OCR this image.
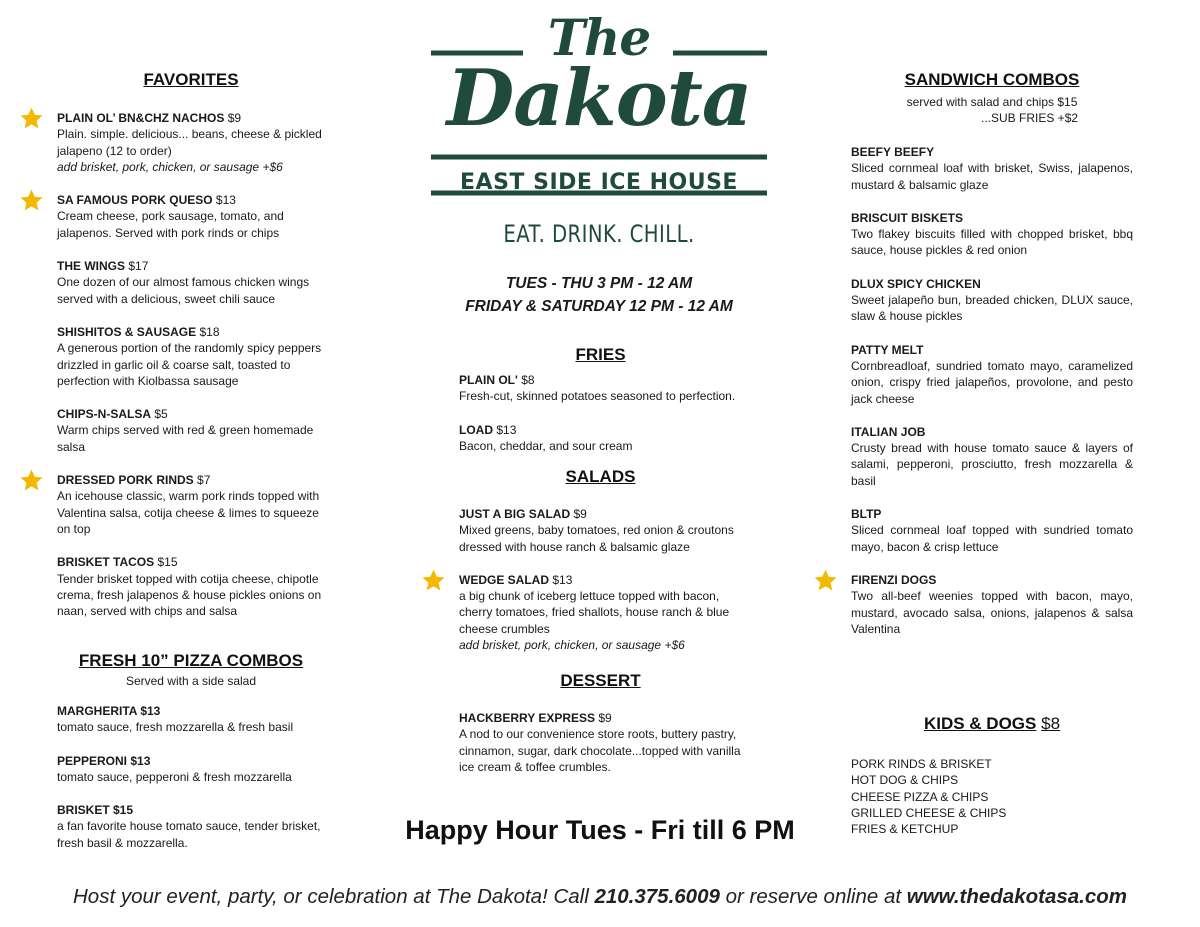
FAVORITES
PLAIN OL’ BN&CHZ NACHOS $9
Plain. simple. delicious... beans, cheese & pickled jalapeno (12 to order)
add brisket, pork, chicken, or sausage +$6
SA FAMOUS PORK QUESO $13
Cream cheese, pork sausage, tomato, and jalapenos. Served with pork rinds or chips
THE WINGS $17
One dozen of our almost famous chicken wings served with a delicious, sweet chili sauce
SHISHITOS & SAUSAGE $18
A generous portion of the randomly spicy peppers drizzled in garlic oil & coarse salt, toasted to perfection with Kiolbassa sausage
CHIPS-N-SALSA $5
Warm chips served with red & green homemade salsa
DRESSED PORK RINDS $7
An icehouse classic, warm pork rinds topped with Valentina salsa, cotija cheese & limes to squeeze on top
BRISKET TACOS $15
Tender brisket topped with cotija cheese, chipotle crema, fresh jalapenos & house pickles onions on naan, served with chips and salsa
FRESH 10” PIZZA COMBOS
Served with a side salad
MARGHERITA $13
tomato sauce, fresh mozzarella & fresh basil
PEPPERONI $13
tomato sauce, pepperoni & fresh mozzarella
BRISKET $15
a fan favorite house tomato sauce, tender brisket, fresh basil & mozzarella.
The
Dakota
EAST SIDE ICE HOUSE
EAT. DRINK. CHILL.
TUES - THU 3 PM - 12 AM
FRIDAY & SATURDAY 12 PM - 12 AM
FRIES
PLAIN OL' $8
Fresh-cut, skinned potatoes seasoned to perfection.
LOAD $13
Bacon, cheddar, and sour cream
SALADS
JUST A BIG SALAD $9
Mixed greens, baby tomatoes, red onion & croutons dressed with house ranch & balsamic glaze
WEDGE SALAD $13
a big chunk of iceberg lettuce topped with bacon, cherry tomatoes, fried shallots, house ranch & blue cheese crumbles
add brisket, pork, chicken, or sausage +$6
DESSERT
HACKBERRY EXPRESS $9
A nod to our convenience store roots, buttery pastry, cinnamon, sugar, dark chocolate...topped with vanilla ice cream & toffee crumbles.
Happy Hour Tues - Fri till 6 PM
SANDWICH COMBOS
served with salad and chips $15
...SUB FRIES +$2
BEEFY BEEFY
Sliced cornmeal loaf with brisket, Swiss, jalapenos, mustard & balsamic glaze
BRISCUIT BISKETS
Two flakey biscuits filled with chopped brisket, bbq sauce, house pickles & red onion
DLUX SPICY CHICKEN
Sweet jalapeño bun, breaded chicken, DLUX sauce, slaw & house pickles
PATTY MELT
Cornbreadloaf, sundried tomato mayo, caramelized onion, crispy fried jalapeños, provolone, and pesto jack cheese
ITALIAN JOB
Crusty bread with house tomato sauce & layers of salami, pepperoni, prosciutto, fresh mozzarella & basil
BLTP
Sliced cornmeal loaf topped with sundried tomato mayo, bacon & crisp lettuce
FIRENZI DOGS
Two all-beef weenies topped with bacon, mayo, mustard, avocado salsa, onions, jalapenos & salsa Valentina
KIDS & DOGS $8
PORK RINDS & BRISKET
HOT DOG & CHIPS
CHEESE PIZZA & CHIPS
GRILLED CHEESE & CHIPS
FRIES & KETCHUP
Host your event, party, or celebration at The Dakota! Call 210.375.6009 or reserve online at www.thedakotasa.com
